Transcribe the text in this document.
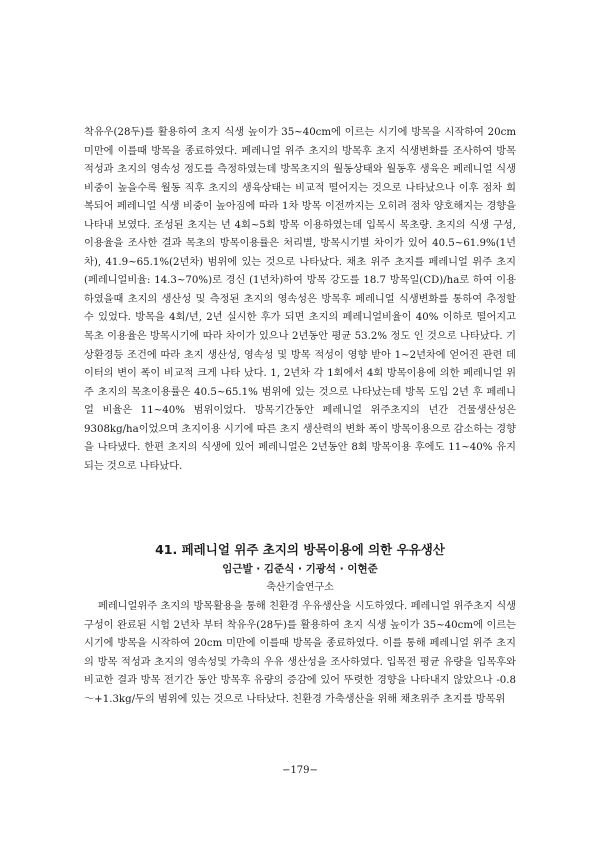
착유우(28두)를 활용하여 초지 식생 높이가 35~40cm에 이르는 시기에 방목을 시작하여 20cm 미만에 이를때 방목을 종료하였다. 페레니얼 위주 초지의 방목후 초지 식생변화를 조사하여 방목 적성과 초지의 영속성 정도를 측정하였는데 방목초지의 월동상태와 월동후 생육은 페레니얼 식생 비중이 높을수록 월동 직후 초지의 생육상태는 비교적 떨어지는 것으로 나타났으나 이후 점차 회복되어 페레니얼 식생 비중이 높아짐에 따라 1차 방목 이전까지는 오히려 점차 양호해지는 경향을 나타내 보였다. 조성된 초지는 년 4회~5회 방목 이용하였는데 입목시 목초량. 초지의 식생 구성, 이용율을 조사한 결과 목초의 방목이용률은 처리별, 방목시기별 차이가 있어 40.5~61.9%(1년차), 41.9~65.1%(2년차) 범위에 있는 것으로 나타났다. 채초 위주 초지를 페레니얼 위주 초지(페레니얼비율: 14.3~70%)로 경신 (1년차)하여 방목 강도를 18.7 방목일(CD)/ha로 하여 이용하였을때 초지의 생산성 및 측정된 초지의 영속성은 방목후 페레니얼 식생변화를 통하여 추정할 수 있었다. 방목을 4회/년, 2년 실시한 후가 되면 초지의 페레니얼비율이 40% 이하로 떨어지고 목초 이용율은 방목시기에 따라 차이가 있으나 2년동안 평균 53.2% 정도 인 것으로 나타났다. 기상환경등 조건에 따라 초지 생산성, 영속성 및 방목 적성이 영향 받아 1~2년차에 얻어진 관련 데이터의 변이 폭이 비교적 크게 나타 났다. 1, 2년차 각 1회에서 4회 방목이용에 의한 페레니얼 위주 초지의 목초이용률은 40.5~65.1% 범위에 있는 것으로 나타났는데 방목 도입 2년 후 페레니얼 비율은 11~40% 범위이었다. 방목기간동안 페레니얼 위주초지의 년간 건물생산성은 9308kg/ha이었으며 초지이용 시기에 따른 초지 생산력의 변화 폭이 방목이용으로 감소하는 경향을 나타냈다. 한편 초지의 식생에 있어 페레니얼은 2년동안 8회 방목이용 후에도 11~40% 유지되는 것으로 나타났다.

41. 페레니얼 위주 초지의 방목이용에 의한 우유생산
임근발 · 김준식 · 기광석 · 이현준
축산기술연구소

페레니얼위주 초지의 방목활용을 통해 친환경 우유생산을 시도하였다. 페레니얼 위주초지 식생 구성이 완료된 시험 2년차 부터 착유우(28두)를 활용하여 초지 식생 높이가 35~40cm에 이르는 시기에 방목을 시작하여 20cm 미만에 이를때 방목을 종료하였다. 이를 통해 페레니얼 위주 초지의 방목 적성과 초지의 영속성및 가축의 우유 생산성을 조사하였다. 입목전 평균 유량을 입목후와 비교한 결과 방목 전기간 동안 방목후 유량의 증감에 있어 뚜렷한 경향을 나타내지 않았으나 -0.8～+1.3kg/두의 범위에 있는 것으로 나타났다. 친환경 가축생산을 위해 채초위주 초지를 방목위

−179−
